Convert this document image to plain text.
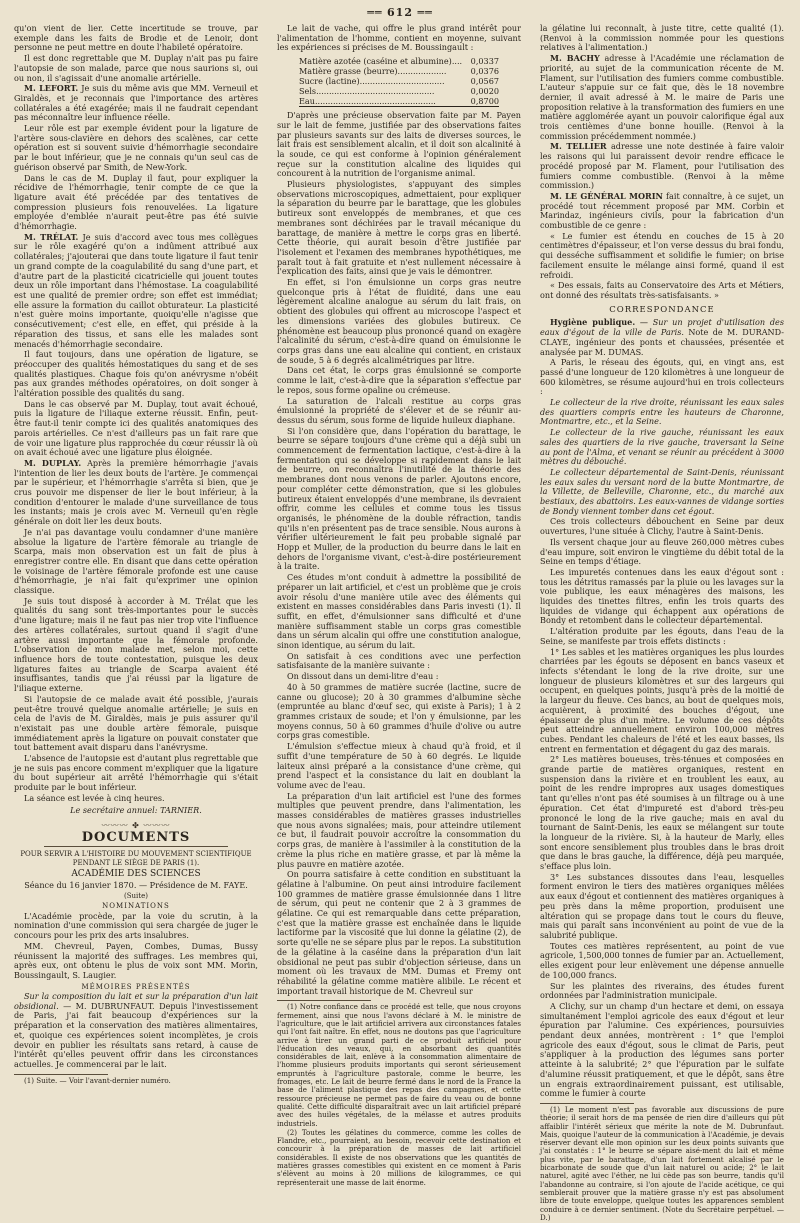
══ 612 ══

qu'on vient de lier. Cette incertitude se trouve, par exemple dans les faits de Brodie et de Lenoir, dont personne ne peut mettre en doute l'habileté opératoire.

Il est donc regrettable que M. Duplay n'ait pas pu faire l'autopsie de son malade, parce que nous saurions si, oui ou non, il s'agissait d'une anomalie artérielle.

M. LEFORT. Je suis du même avis que MM. Verneuil et Giraldès, et je reconnais que l'importance des artères collatérales a été exagérée; mais il ne faudrait cependant pas méconnaître leur influence réelle.

Leur rôle est par exemple évident pour la ligature de l'artère sous-clavière en dehors des scalènes, car cette opération est si souvent suivie d'hémorrhagie secondaire par le bout inférieur, que je ne connais qu'un seul cas de guérison observé par Smith, de New-York.

Dans le cas de M. Duplay il faut, pour expliquer la récidive de l'hémorrhagie, tenir compte de ce que la ligature avait été précédée par des tentatives de compression plusieurs fois renouvelées. La ligature employée d'emblée n'aurait peut-être pas été suivie d'hémorrhagie.

M. TRÉLAT. Je suis d'accord avec tous mes collègues sur le rôle exagéré qu'on a indûment attribué aux collatérales; j'ajouterai que dans toute ligature il faut tenir un grand compte de la coagulabilité du sang d'une part, et d'autre part de la plasticité cicatricielle qui jouent toutes deux un rôle important dans l'hémostase. La coagulabilité est une qualité de premier ordre; son effet est immédiat; elle assure la formation du caillot obturateur. La plasticité n'est guère moins importante, quoiqu'elle n'agisse que consécutivement; c'est elle, en effet, qui préside à la réparation des tissus, et sans elle les malades sont menacés d'hémorrhagie secondaire.

Il faut toujours, dans une opération de ligature, se préoccuper des qualités hémostatiques du sang et de ses qualités plastiques. Chaque fois qu'on anévrysme n'obéit pas aux grandes méthodes opératoires, on doit songer à l'altération possible des qualités du sang.

Dans le cas observé par M. Duplay, tout avait échoué, puis la ligature de l'iliaque externe réussit. Enfin, peut-être faut-il tenir compte ici des qualités anatomiques des parois artérielles. Ce n'est d'ailleurs pas un fait rare que de voir une ligature plus rapprochée du cœur réussir là où on avait échoué avec une ligature plus éloignée.

M. DUPLAY. Après la première hémorrhagie j'avais l'intention de lier les deux bouts de l'artère. Je commençai par le supérieur, et l'hémorrhagie s'arrêta si bien, que je crus pouvoir me dispenser de lier le bout inférieur, à la condition d'entourer le malade d'une surveillance de tous les instants; mais je crois avec M. Verneuil qu'en règle générale on doit lier les deux bouts.

Je n'ai pas davantage voulu condamner d'une manière absolue la ligature de l'artère fémorale au triangle de Scarpa, mais mon observation est un fait de plus à enregistrer contre elle. En disant que dans cette opération le voisinage de l'artère fémorale profonde est une cause d'hémorrhagie, je n'ai fait qu'exprimer une opinion classique.

Je suis tout disposé à accorder à M. Trélat que les qualités du sang sont très-importantes pour le succès d'une ligature; mais il ne faut pas nier trop vite l'influence des artères collatérales, surtout quand il s'agit d'une artère aussi importante que la fémorale profonde. L'observation de mon malade met, selon moi, cette influence hors de toute contestation, puisque les deux ligatures faites au triangle de Scarpa avaient été insuffisantes, tandis que j'ai réussi par la ligature de l'iliaque externe.

Si l'autopsie de ce malade avait été possible, j'aurais peut-être trouvé quelque anomalie artérielle; je suis en cela de l'avis de M. Giraldès, mais je puis assurer qu'il n'existait pas une double artère fémorale, puisque immédiatement après la ligature on pouvait constater que tout battement avait disparu dans l'anévrysme.

L'absence de l'autopsie est d'autant plus regrettable que je ne suis pas encore comment m'expliquer que la ligature du bout supérieur ait arrêté l'hémorrhagie qui s'était produite par le bout inférieur.

La séance est levée à cinq heures.

Le secrétaire annuel: TARNIER.

〰〰〰 ✤ 〰〰〰

DOCUMENTS

POUR SERVIR A L'HISTOIRE DU MOUVEMENT SCIENTIFIQUE

PENDANT LE SIÈGE DE PARIS (1).

ACADÉMIE DES SCIENCES

Séance du 16 janvier 1870. — Présidence de M. FAYE.

(Suite)

NOMINATIONS

L'Académie procède, par la voie du scrutin, à la nomination d'une commission qui sera chargée de juger le concours pour les prix des arts insalubres.

MM. Chevreul, Payen, Combes, Dumas, Bussy réunissent la majorité des suffrages. Les membres qui, après eux, ont obtenu le plus de voix sont MM. Morin, Boussingault, S. Laugier.

MÉMOIRES PRÉSENTÉS

Sur la composition du lait et sur la préparation d'un lait obsidional. — M. DUBRUNFAUT. Depuis l'investissement de Paris, j'ai fait beaucoup d'expériences sur la préparation et la conservation des matières alimentaires, et, quoique ces expériences soient incomplètes, je crois devoir en publier les résultats sans retard, à cause de l'intérêt qu'elles peuvent offrir dans les circonstances actuelles. Je commencerai par le lait.

(1) Suite. — Voir l'avant-dernier numéro.

Le lait de vache, qui offre le plus grand intérêt pour l'alimentation de l'homme, contient en moyenne, suivant les expériences si précises de M. Boussingault :

Matière azotée (caséine et albumine)....	0,0337
Matière grasse (beurre)...................	0,0376
Sucre (lactine).................................	0,0567
Sels..............................................	0,0020
Eau...............................................	0,8700

D'après une précieuse observation faite par M. Payen sur le lait de femme, justifiée par des observations faites par plusieurs savants sur des laits de diverses sources, le lait frais est sensiblement alcalin, et il doit son alcalinité à la soude, ce qui est conforme à l'opinion généralement reçue sur la constitution alcaline des liquides qui concourent à la nutrition de l'organisme animal.

Plusieurs physiologistes, s'appuyant des simples observations microscopiques, admettaient, pour expliquer la séparation du beurre par le barattage, que les globules butireux sont enveloppés de membranes, et que ces membranes sont déchirées par le travail mécanique du barattage, de manière à mettre le corps gras en liberté. Cette théorie, qui aurait besoin d'être justifiée par l'isolement et l'examen des membranes hypothétiques, me paraît tout à fait gratuite et n'est nullement nécessaire à l'explication des faits, ainsi que je vais le démontrer.

En effet, si l'on émulsionne un corps gras neutre quelconque pris à l'état de fluidité, dans une eau légèrement alcaline analogue au sérum du lait frais, on obtient des globules qui offrent au microscope l'aspect et les dimensions variées des globules butireux. Ce phénomène est beaucoup plus prononcé quand on exagère l'alcalinité du sérum, c'est-à-dire quand on émulsionne le corps gras dans une eau alcaline qui contient, en cristaux de soude, 5 à 6 degrés alcalimétriques par litre.

Dans cet état, le corps gras émulsionné se comporte comme le lait, c'est-à-dire que la séparation s'effectue par le repos, sous forme opaline ou crémeuse.

La saturation de l'alcali restitue au corps gras émulsionné la propriété de s'élever et de se réunir au-dessus du sérum, sous forme de liquide huileux diaphane.

Si l'on considère que, dans l'opération du barattage, le beurre se sépare toujours d'une crème qui a déjà subi un commencement de fermentation lactique, c'est-à-dire à la fermentation qui se développe si rapidement dans le lait de beurre, on reconnaîtra l'inutilité de la théorie des membranes dont nous venons de parler. Ajoutons encore, pour compléter cette démonstration, que si les globules butireux étaient enveloppés d'une membrane, ils devraient offrir, comme les cellules et comme tous les tissus organisés, le phénomène de la double réfraction, tandis qu'ils n'en présentent pas de trace sensible. Nous aurons à vérifier ultérieurement le fait peu probable signalé par Hopp et Muller, de la production du beurre dans le lait en dehors de l'organisme vivant, c'est-à-dire postérieurement à la traite.

Ces études m'ont conduit à admettre la possibilité de préparer un lait artificiel, et c'est un problème que je crois avoir résolu d'une manière utile avec des éléments qui existent en masses considérables dans Paris investi (1). Il suffit, en effet, d'émulsionner sans difficulté et d'une manière suffisamment stable un corps gras comestible dans un sérum alcalin qui offre une constitution analogue, sinon identique, au sérum du lait.

On satisfait à ces conditions avec une perfection satisfaisante de la manière suivante :

On dissout dans un demi-litre d'eau :

40 à 50 grammes de matière sucrée (lactine, sucre de canne ou glucose); 20 à 30 grammes d'albumine sèche (empruntée au blanc d'œuf sec, qui existe à Paris); 1 à 2 grammes cristaux de soude; et l'on y émulsionne, par les moyens connus, 50 à 60 grammes d'huile d'olive ou autre corps gras comestible.

L'émulsion s'effectue mieux à chaud qu'à froid, et il suffit d'une température de 50 à 60 degrés. Le liquide laiteux ainsi préparé a la consistance d'une crème, qui prend l'aspect et la consistance du lait en doublant la volume avec de l'eau.

La préparation d'un lait artificiel est l'une des formes multiples que peuvent prendre, dans l'alimentation, les masses considérables de matières grasses industrielles que nous avons signalées; mais, pour atteindre utilement ce but, il faudrait pouvoir accroître la consommation du corps gras, de manière à l'assimiler à la constitution de la crème la plus riche en matière grasse, et par là même la plus pauvre en matière azotée.

On pourra satisfaire à cette condition en substituant la gélatine à l'albumine. On peut ainsi introduire facilement 100 grammes de matière grasse émulsionnée dans 1 litre de sérum, qui peut ne contenir que 2 à 3 grammes de gélatine. Ce qui est remarquable dans cette préparation, c'est que la matière grasse est enchaînée dans le liquide lactiforme par la viscosité que lui donne la gélatine (2), de sorte qu'elle ne se sépare plus par le repos. La substitution de la gélatine à la caséine dans la préparation d'un lait obsidional ne peut pas subir d'objection sérieuse, dans un moment où les travaux de MM. Dumas et Fremy ont réhabilité la gélatine comme matière alibile. Le récent et important travail historique de M. Chevreul sur

(1) Notre confiance dans ce procédé est telle, que nous croyons fermement, ainsi que nous l'avons déclaré à M. le ministre de l'agriculture, que le lait artificiel arrivera aux circonstances fatales qui l'ont fait naître. En effet, nous ne doutons pas que l'agriculture arrive à tirer un grand parti de ce produit artificiel pour l'éducation des veaux, qui, en absorbant des quantités considérables de lait, enlève à la consommation alimentaire de l'homme plusieurs produits importants qui seront sérieusement empruntés à l'agriculture pastorale, comme le beurre, les fromages, etc. Le lait de beurre fermé dans le nord de la France la base de l'aliment plastique des repas des campagnes, et cette ressource précieuse ne permet pas de faire du veau ou de bonne qualité. Cette difficulté disparaîtrait avec un lait artificiel préparé avec des huiles végétales, de la mélasse et autres produits industriels.

(2) Toutes les gélatines du commerce, comme les colles de Flandre, etc., pourraient, au besoin, recevoir cette destination et concourir à la préparation de masses de lait artificiel considérables. Il existe de nos observations que les quantités de matières grasses comestibles qui existent en ce moment à Paris s'élèvent au moins à 20 millions de kilogrammes, ce qui représenterait une masse de lait énorme.

la gélatine lui reconnaît, à juste titre, cette qualité (1). (Renvoi à la commission nommée pour les questions relatives à l'alimentation.)

M. BACHY adresse à l'Académie une réclamation de priorité, au sujet de la communication récente de M. Flament, sur l'utilisation des fumiers comme combustible. L'auteur s'appuie sur ce fait que, dès le 18 novembre dernier, il avait adressé à M. le maire de Paris une proposition relative à la transformation des fumiers en une matière agglomérée ayant un pouvoir calorifique égal aux trois centièmes d'une bonne houille. (Renvoi à la commission précédemment nommée.)

M. TELLIER adresse une note destinée à faire valoir les raisons qui lui paraissent devoir rendre efficace le procédé proposé par M. Flament, pour l'utilisation des fumiers comme combustible. (Renvoi à la même commission.)

M. LE GÉNÉRAL MORIN fait connaître, à ce sujet, un procédé tout récemment proposé par MM. Corbin et Marindaz, ingénieurs civils, pour la fabrication d'un combustible de ce genre :

« Le fumier est étendu en couches de 15 à 20 centimètres d'épaisseur, et l'on verse dessus du brai fondu, qui desséche suffisamment et solidifie le fumier; on brise facilement ensuite le mélange ainsi formé, quand il est refroidi.

« Des essais, faits au Conservatoire des Arts et Métiers, ont donné des résultats très-satisfaisants. »

CORRESPONDANCE

Hygiène publique. — Sur un projet d'utilisation des eaux d'égout de la ville de Paris. Note de M. DURAND-CLAYE, ingénieur des ponts et chaussées, présentée et analysée par M. DUMAS.

A Paris, le réseau des égouts, qui, en vingt ans, est passé d'une longueur de 120 kilomètres à une longueur de 600 kilomètres, se résume aujourd'hui en trois collecteurs :

Le collecteur de la rive droite, réunissant les eaux sales des quartiers compris entre les hauteurs de Charonne, Montmartre, etc., et la Seine.

Le collecteur de la rive gauche, réunissant les eaux sales des quartiers de la rive gauche, traversant la Seine au pont de l'Alma, et venant se réunir au précédent à 3000 mètres du débouché.

Le collecteur départemental de Saint-Denis, réunissant les eaux sales du versant nord de la butte Montmartre, de la Villette, de Belleville, Charonne, etc., du marché aux bestiaux, des abattoirs. Les eaux-vannes de vidange sorties de Bondy viennent tomber dans cet égout.

Ces trois collecteurs débouchent en Seine par deux ouvertures, l'une située à Clichy, l'autre à Saint-Denis.

Ils versent chaque jour au fleuve 260,000 mètres cubes d'eau impure, soit environ le vingtième du débit total de la Seine en temps d'étiage.

Les impuretés contenues dans les eaux d'égout sont : tous les détritus ramassés par la pluie ou les lavages sur la voie publique, les eaux ménagères des maisons, les liquides des tinettes filtres, enfin les trois quarts des liquides de vidange qui échappent aux opérations de Bondy et retombent dans le collecteur départemental.

L'altération produite par les égouts, dans l'eau de la Seine, se manifeste par trois effets distincts :

1° Les sables et les matières organiques les plus lourdes charriées par les égouts se déposent en bancs vaseux et infects s'étendant le long de la rive droite, sur une longueur de plusieurs kilomètres et sur des largeurs qui occupent, en quelques points, jusqu'à près de la moitié de la largeur du fleuve. Ces bancs, au bout de quelques mois, acquièrent, à proximité des bouches d'égout, une épaisseur de plus d'un mètre. Le volume de ces dépôts peut atteindre annuellement environ 100,000 mètres cubes. Pendant les chaleurs de l'été et les eaux basses, ils entrent en fermentation et dégagent du gaz des marais.

2° Les matières boueuses, très-ténues et composées en grande partie de matières organiques, restent en suspension dans la rivière et en troublent les eaux, au point de les rendre impropres aux usages domestiques tant qu'elles n'ont pas été soumises à un filtrage ou à une épuration. Cet état d'impureté est d'abord très-peu prononcé le long de la rive gauche; mais en aval du tournant de Saint-Denis, les eaux se mélangent sur toute la longueur de la rivière. Si, à la hauteur de Marly, elles sont encore sensiblement plus troubles dans le bras droit que dans le bras gauche, la différence, déjà peu marquée, s'efface plus loin.

3° Les substances dissoutes dans l'eau, lesquelles forment environ le tiers des matières organiques mêlées aux eaux d'égout et contiennent des matières organiques à peu près dans la même proportion, produisent une altération qui se propage dans tout le cours du fleuve, mais qui paraît sans inconvénient au point de vue de la salubrité publique.

Toutes ces matières représentent, au point de vue agricole, 1,500,000 tonnes de fumier par an. Actuellement, elles exigent pour leur enlèvement une dépense annuelle de 100,000 francs.

Sur les plaintes des riverains, des études furent ordonnées par l'administration municipale.

A Clichy, sur un champ d'un hectare et demi, on essaya simultanément l'emploi agricole des eaux d'égout et leur épuration par l'alumine. Ces expériences, poursuivies pendant deux années, montrèrent : 1° que l'emploi agricole des eaux d'égout, sous le climat de Paris, peut s'appliquer à la production des légumes sans porter atteinte à la salubrité; 2° que l'épuration par le sulfate d'alumine réussit pratiquement, et que le dépôt, sans être un engrais extraordinairement puissant, est utilisable, comme le fumier à courte

(1) Le moment n'est pas favorable aux discussions de pure théorie; il serait hors de ma pensée de rien dire d'ailleurs qui pût affaiblir l'intérêt sérieux que mérite la note de M. Dubrunfaut. Mais, quoique l'auteur de la communication à l'Académie, je devais réserver devant elle mon opinion sur les deux points suivants que j'ai constatés : 1° le beurre se sépare aisé-ment du lait et même plus vite, par le barattage, d'un lait fortement alcalisé par le bicarbonate de soude que d'un lait naturel ou acide; 2° le lait naturel, agité avec l'éther, ne lui cède pas son beurre, tandis qu'il l'abandonne au contraire, si l'on ajoute de l'acide acétique, ce qui semblerait prouver que la matière grasse n'y est pas absolument libre de toute enveloppe, quelque toutes les apparences semblent conduire à ce dernier sentiment. (Note du Secrétaire perpétuel. — D.)
